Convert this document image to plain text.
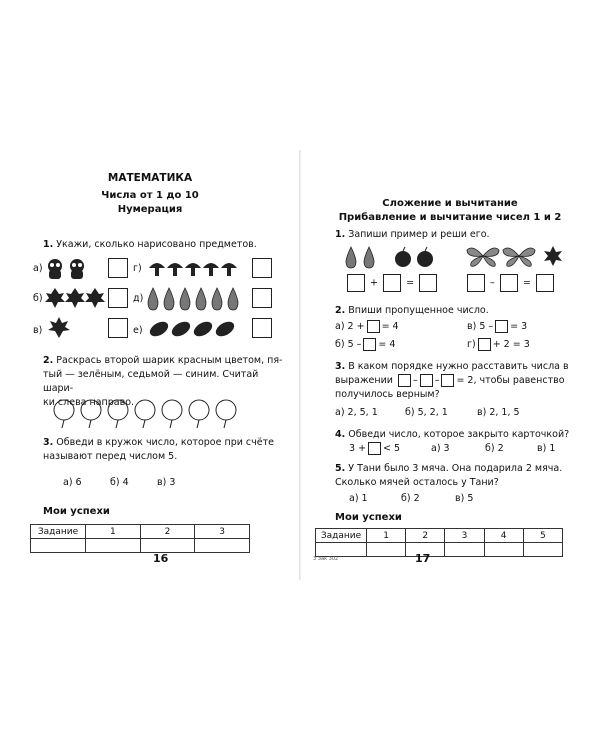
МАТЕМАТИКА
Числа от 1 до 10
Нумерация
1. Укажи, сколько нарисовано предметов.
а)	г)
б)	д)
в)	е)
2. Раскрась второй шарик красным цветом, пя-
тый — зелёным, седьмой — синим. Считай шари-
ки слева направо.
3. Обведи в кружок число, которое при счёте
называют перед числом 5.
а) 6	б) 4	в) 3
Мои успехи
Задание	1	2	3

16
Сложение и вычитание
Прибавление и вычитание чисел 1 и 2
1. Запиши пример и реши его.
+	=	–	=
2. Впиши пропущенное число.
а) 2 + = 4	в) 5 – = 3
б) 5 – = 4	г) + 2 = 3
3. В каком порядке нужно расставить числа в
выражении – – = 2, чтобы равенство
получилось верным?
а) 2, 5, 1	б) 5, 2, 1	в) 2, 1, 5
4. Обведи число, которое закрыто карточкой?
3 + < 5	а) 3	б) 2	в) 1
5. У Тани было 3 мяча. Она подарила 2 мяча.
Сколько мячей осталось у Тани?
а) 1	б) 2	в) 5
Мои успехи
Задание	1	2	3	4	5

3 Зак 302	17
